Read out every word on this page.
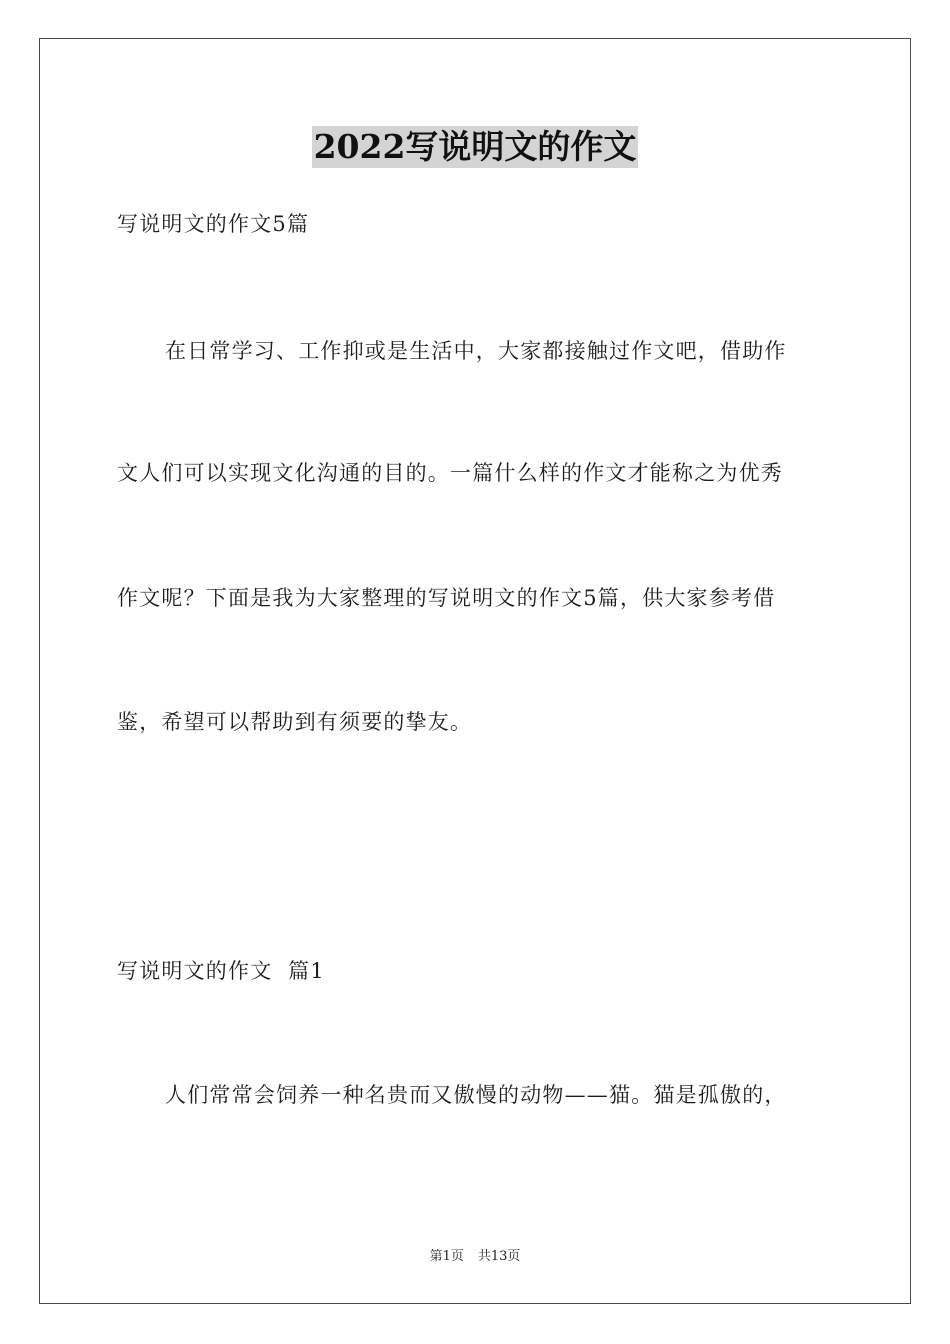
2022写说明文的作文
写说明文的作文5篇
在日常学习、工作抑或是生活中，大家都接触过作文吧，借助作
文人们可以实现文化沟通的目的。一篇什么样的作文才能称之为优秀
作文呢？下面是我为大家整理的写说明文的作文5篇，供大家参考借
鉴，希望可以帮助到有须要的挚友。
写说明文的作文  篇1
人们常常会饲养一种名贵而又傲慢的动物——猫。猫是孤傲的，
第1页 共13页
